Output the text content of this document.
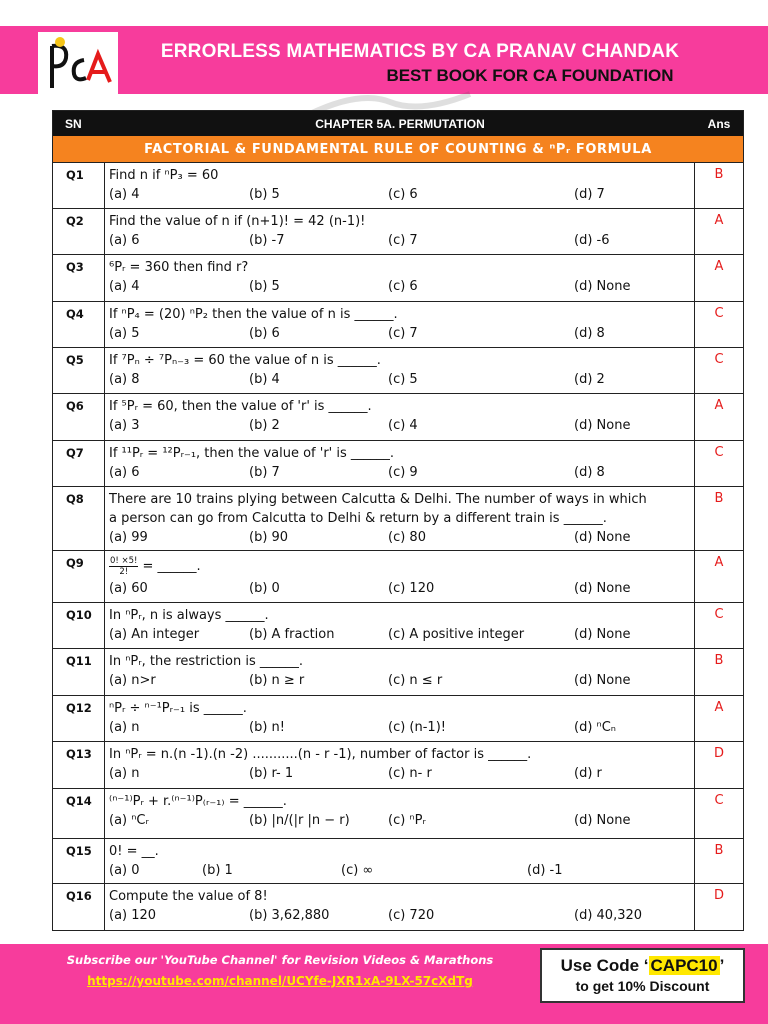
ERRORLESS MATHEMATICS BY CA PRANAV CHANDAK
BEST BOOK FOR CA FOUNDATION
SN	CHAPTER 5A. PERMUTATION	Ans
FACTORIAL & FUNDAMENTAL RULE OF COUNTING & ⁿPᵣ FORMULA
Q1	Find n if ⁿP₃ = 60
(a) 4	(b) 5	(c) 6	(d) 7
B
Q2	Find the value of n if (n+1)! = 42 (n-1)!
(a) 6	(b) -7	(c) 7	(d) -6
A
Q3	⁶Pᵣ = 360 then find r?
(a) 4	(b) 5	(c) 6	(d) None
A
Q4	If ⁿP₄ = (20) ⁿP₂ then the value of n is ______.
(a) 5	(b) 6	(c) 7	(d) 8
C
Q5	If ⁷Pₙ ÷ ⁷Pₙ₋₃ = 60 the value of n is ______.
(a) 8	(b) 4	(c) 5	(d) 2
C
Q6	If ⁵Pᵣ = 60, then the value of 'r' is ______.
(a) 3	(b) 2	(c) 4	(d) None
A
Q7	If ¹¹Pᵣ = ¹²Pᵣ₋₁, then the value of 'r' is ______.
(a) 6	(b) 7	(c) 9	(d) 8
C
Q8	There are 10 trains plying between Calcutta & Delhi. The number of ways in which
a person can go from Calcutta to Delhi & return by a different train is ______.
(a) 99	(b) 90	(c) 80	(d) None
B
Q9	$\frac{0! \times 5!}{2!}$ = ______.
(a) 60	(b) 0	(c) 120	(d) None
A
Q10	In ⁿPᵣ, n is always ______.
(a) An integer	(b) A fraction	(c) A positive integer	(d) None
C
Q11	In ⁿPᵣ, the restriction is ______.
(a) n>r	(b) n ≥ r	(c) n ≤ r	(d) None
B
Q12	ⁿPᵣ ÷ ⁿ⁻¹Pᵣ₋₁ is ______.
(a) n	(b) n!	(c) (n-1)!	(d) ⁿCₙ
A
Q13	In ⁿPᵣ = n.(n -1).(n -2) ...........(n - r -1), number of factor is ______.
(a) n	(b) r- 1	(c) n- r	(d) r
D
Q14	⁽ⁿ⁻¹⁾Pᵣ + r.⁽ⁿ⁻¹⁾P₍ᵣ₋₁₎ = ______.
(a) ⁿCᵣ	(b) |n/(|r |n − r)	(c) ⁿPᵣ	(d) None
C
Q15	0! = __.
(a) 0	(b) 1	(c) ∞	(d) -1
B
Q16	Compute the value of 8!
(a) 120	(b) 3,62,880	(c) 720	(d) 40,320
D
Subscribe our 'YouTube Channel' for Revision Videos & Marathons
https://youtube.com/channel/UCYfe-JXR1xA-9LX-57cXdTg
Use Code ‘ CAPC10 ’
to get 10% Discount
